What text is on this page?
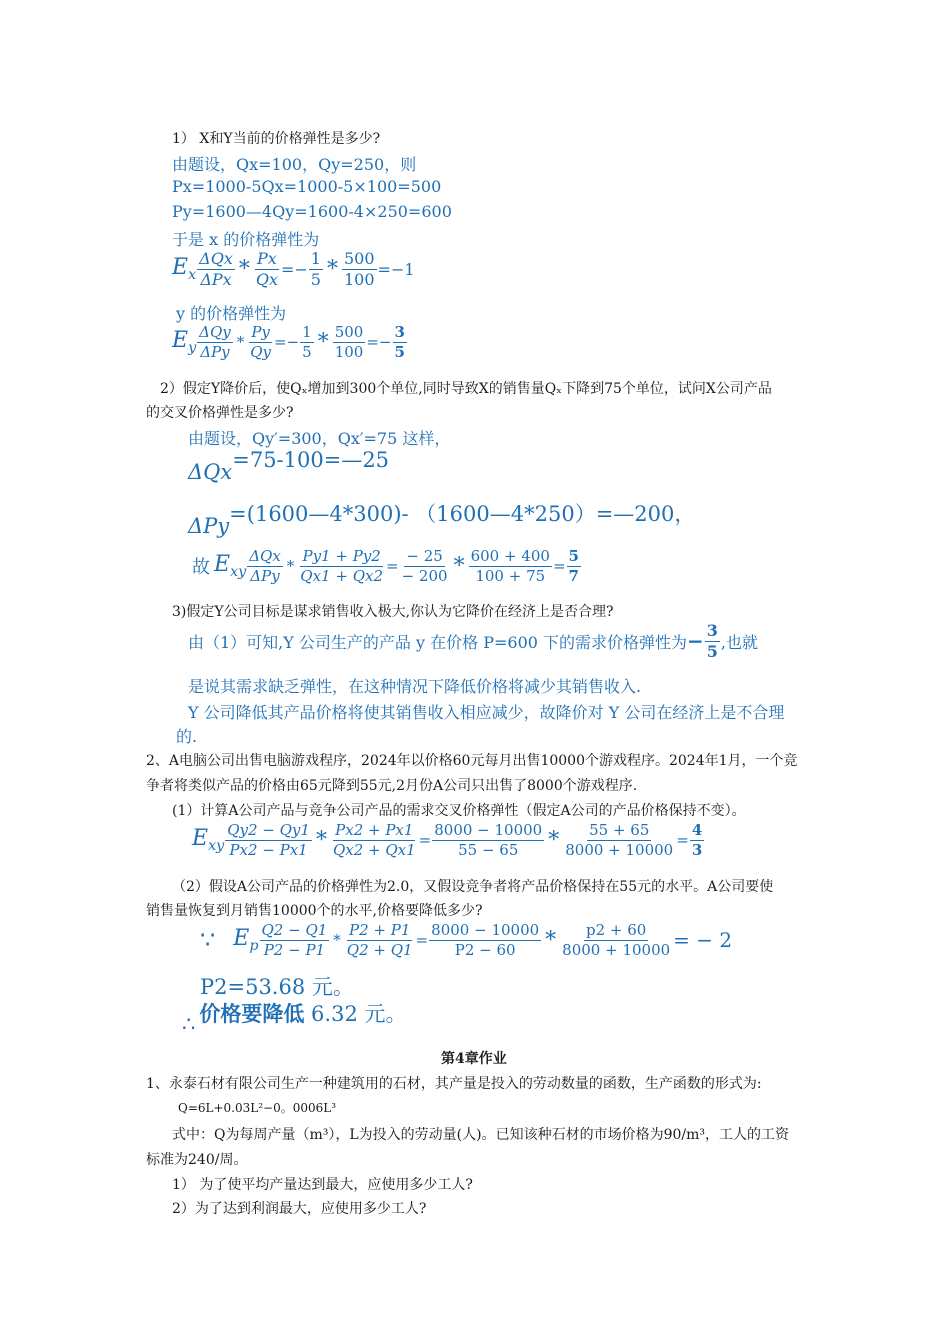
1） X和Y当前的价格弹性是多少?
由题设，Qx=100，Qy=250，则
Px=1000-5Qx=1000-5×100=500
Py=1600—4Qy=1600-4×250=600
于是 x 的价格弹性为
$E_x \frac{\text{ΔQx}}{\text{ΔPx}} * \frac{Px}{Qx} =- \frac{1}{5} * \frac{500}{100} =-1$
y 的价格弹性为
$E_y \frac{\text{ΔQy}}{\text{ΔPy}} * \frac{Py}{Qy} =- \frac{1}{5} * \frac{500}{100} =- \frac{3}{5}$
2）假定Y降价后，使Qₓ增加到300个单位,同时导致X的销售量Qₓ下降到75个单位，试问X公司产品
的交叉价格弹性是多少?
由题设，Qy′=300，Qx′=75 这样，
ΔQx=75-100=—25
ΔPy=(1600—4*300)- （1600—4*250）=—200，
故 $E_{xy} \frac{\text{ΔQx}}{\text{ΔPy}} * \frac{Py1 + Py2}{Qx1 + Qx2} = \frac{- 25}{- 200} * \frac{600 + 400}{100 + 75} = \frac{5}{7}$
3)假定Y公司目标是谋求销售收入极大,你认为它降价在经济上是否合理?
由（1）可知,Y 公司生产的产品 y 在价格 P=600 下的需求价格弹性为 − $\frac{3}{5}$ ,也就
是说其需求缺乏弹性，在这种情况下降低价格将减少其销售收入.
Y 公司降低其产品价格将使其销售收入相应减少，故降价对 Y 公司在经济上是不合理
的.
2、A电脑公司出售电脑游戏程序，2024年以价格60元每月出售10000个游戏程序。2024年1月，一个竞
争者将类似产品的价格由65元降到55元,2月份A公司只出售了8000个游戏程序.
(1）计算A公司产品与竞争公司产品的需求交叉价格弹性（假定A公司的产品价格保持不变）。
$E_{xy} \frac{Qy2 - Qy1}{Px2 - Px1} * \frac{Px2 + Px1}{Qx2 + Qx1} = \frac{8000 - 10000}{55 - 65} * \frac{55 + 65}{8000 + 10000} = \frac{4}{3}$
（2）假设A公司产品的价格弹性为2.0，又假设竞争者将产品价格保持在55元的水平。A公司要使
销售量恢复到月销售10000个的水平,价格要降低多少?
∵ $E_p \frac{Q2 - Q1}{P2 - P1} * \frac{P2 + P1}{Q2 + Q1} = \frac{8000 - 10000}{P2 - 60} * \frac{p2 + 60}{8000 + 10000}$ = − 2
P2=53.68 元。
∴ 价格要降低 6.32 元。
第4章作业
1、永泰石材有限公司生产一种建筑用的石材，其产量是投入的劳动数量的函数，生产函数的形式为:
Q=6L+0.03L²−0。0006L³
式中：Q为每周产量（m³），L为投入的劳动量(人)。已知该种石材的市场价格为90/m³，工人的工资
标准为240/周。
1） 为了使平均产量达到最大，应使用多少工人?
2）为了达到利润最大，应使用多少工人?
